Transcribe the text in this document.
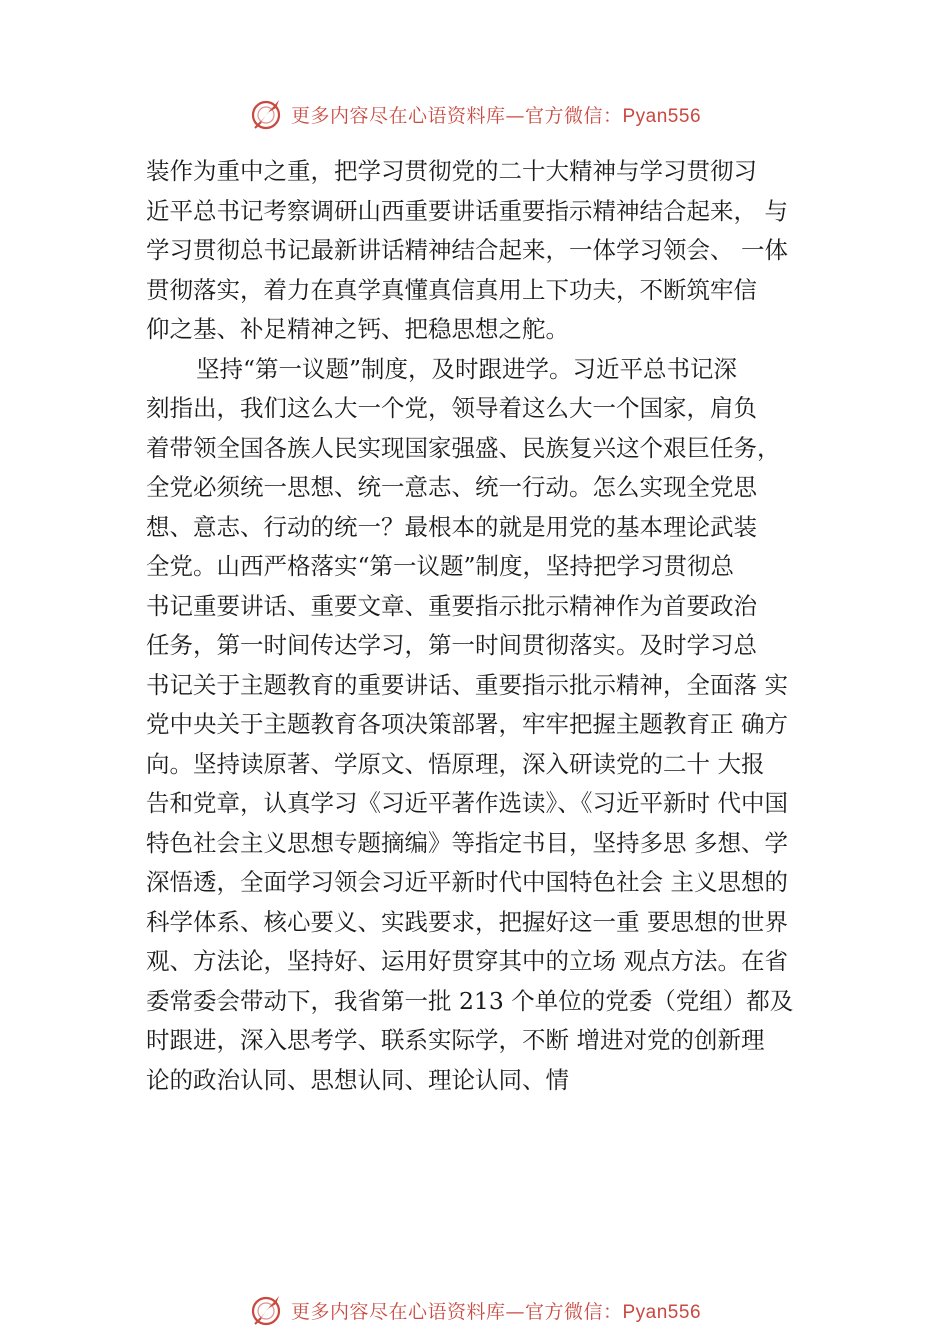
更多内容尽在心语资料库—官方微信：Pyan556
装作为重中之重，把学习贯彻党的二十大精神与学习贯彻习
近平总书记考察调研山西重要讲话重要指示精神结合起来， 与
学习贯彻总书记最新讲话精神结合起来，一体学习领会、 一体
贯彻落实，着力在真学真懂真信真用上下功夫，不断筑牢信
仰之基、补足精神之钙、把稳思想之舵。
坚持“第一议题”制度，及时跟进学。习近平总书记深
刻指出，我们这么大一个党，领导着这么大一个国家，肩负
着带领全国各族人民实现国家强盛、民族复兴这个艰巨任务，
全党必须统一思想、统一意志、统一行动。怎么实现全党思
想、意志、行动的统一？最根本的就是用党的基本理论武装
全党。山西严格落实“第一议题”制度，坚持把学习贯彻总
书记重要讲话、重要文章、重要指示批示精神作为首要政治
任务，第一时间传达学习，第一时间贯彻落实。及时学习总
书记关于主题教育的重要讲话、重要指示批示精神，全面落 实
党中央关于主题教育各项决策部署，牢牢把握主题教育正 确方
向。坚持读原著、学原文、悟原理，深入研读党的二十 大报
告和党章，认真学习《习近平著作选读》、《习近平新时 代中国
特色社会主义思想专题摘编》等指定书目，坚持多思 多想、学
深悟透，全面学习领会习近平新时代中国特色社会 主义思想的
科学体系、核心要义、实践要求，把握好这一重 要思想的世界
观、方法论，坚持好、运用好贯穿其中的立场 观点方法。在省
委常委会带动下，我省第一批 213 个单位的党委（党组）都及
时跟进，深入思考学、联系实际学，不断 增进对党的创新理
论的政治认同、思想认同、理论认同、情
更多内容尽在心语资料库—官方微信：Pyan556
